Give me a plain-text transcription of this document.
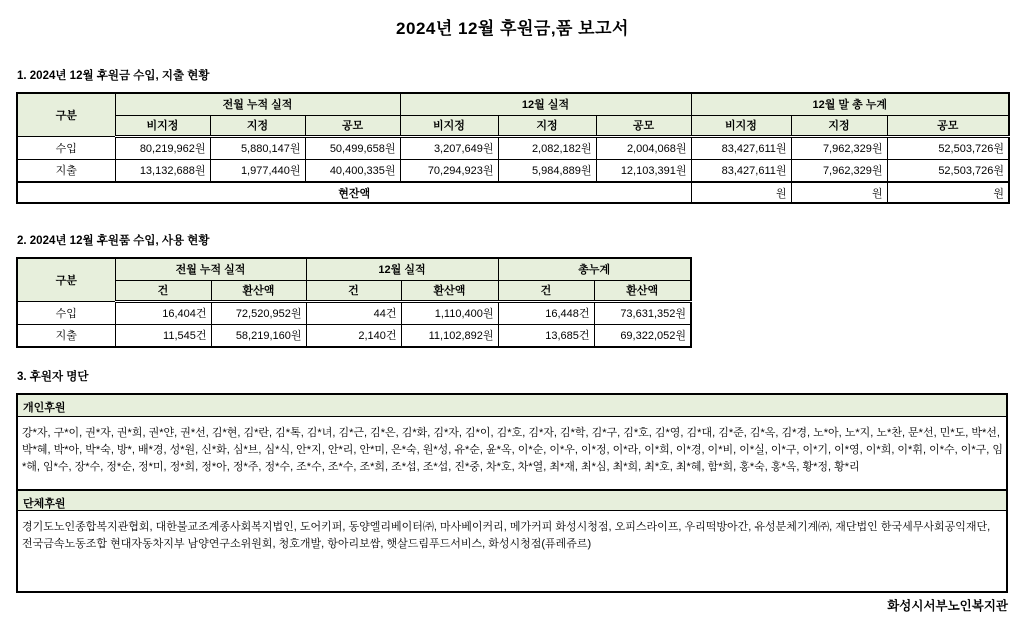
2024년 12월 후원금,품 보고서
1. 2024년 12월 후원금 수입, 지출 현황
구분	전월 누적 실적			12월 실적			12월 말 총 누계		
	비지정	지정	공모	비지정	지정	공모	비지정	지정	공모
수입	80,219,962원	5,880,147원	50,499,658원	3,207,649원	2,082,182원	2,004,068원	83,427,611원	7,962,329원	52,503,726원
지출	13,132,688원	1,977,440원	40,400,335원	70,294,923원	5,984,889원	12,103,391원	83,427,611원	7,962,329원	52,503,726원
현잔액							원	원	원
2. 2024년 12월 후원품 수입, 사용 현황
구분	전월 누적 실적		12월 실적		총누계	
	건	환산액	건	환산액	건	환산액
수입	16,404건	72,520,952원	44건	1,110,400원	16,448건	73,631,352원
지출	11,545건	58,219,160원	2,140건	11,102,892원	13,685건	69,322,052원
3. 후원자 명단
개인후원
강*자, 구*이, 권*자, 권*희, 권*얀, 권*선, 김*현, 김*란, 김*톡, 김*녀, 김*근, 김*은, 김*화, 김*자, 김*이, 김*호, 김*자, 김*학, 김*구, 김*호, 김*영, 김*대, 김*준, 김*옥, 김*경, 노*아, 노*지, 노*찬, 문*선, 민*도, 박*선, 박*혜, 박*아, 박*숙, 방*, 배*경, 성*원, 신*화, 심*브, 심*식, 안*지, 안*리, 안*미, 은*숙, 원*성, 유*순, 윤*옥, 이*순, 이*우, 이*정, 이*라, 이*희, 이*경, 이*비, 이*실, 이*구, 이*기, 이*영, 이*희, 이*휘, 이*수, 이*구, 임*해, 임*수, 장*수, 정*순, 정*미, 정*희, 정*아, 정*주, 정*수, 조*수, 조*수, 조*희, 조*섭, 조*섭, 진*중, 차*호, 차*열, 최*재, 최*심, 최*희, 최*호, 최*혜, 함*희, 홍*숙, 홍*옥, 황*정, 황*리
단체후원
경기도노인종합복지관협회, 대한불교조계종사회복지법인, 도어키퍼, 동양엘리베이터㈜, 마사베이커리, 메가커피 화성시청점, 오피스라이프, 우리떡방아간, 유성분체기계㈜, 재단법인 한국세무사회공익재단, 전국금속노동조합 현대자동차지부 남양연구소위원회, 청호개발, 항아리보쌈, 햇살드림푸드서비스, 화성시청점(퓨레쥬르)
화성시서부노인복지관
